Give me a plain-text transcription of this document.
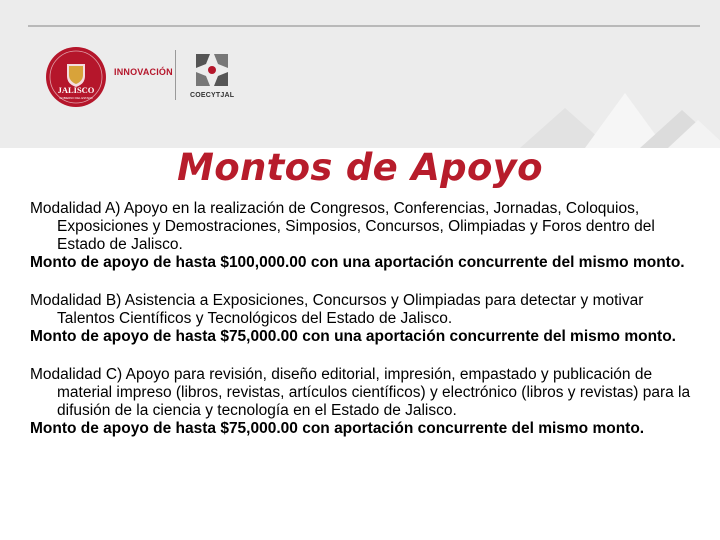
JALISCO
GOBIERNO DEL ESTADO
INNOVACIÓN
COECYTJAL
Montos de Apoyo

Modalidad A) Apoyo en la realización de Congresos, Conferencias, Jornadas, Coloquios, Exposiciones y Demostraciones, Simposios, Concursos, Olimpiadas y Foros dentro del Estado de Jalisco.

Monto de apoyo de hasta $100,000.00 con una aportación concurrente del mismo monto.

Modalidad B) Asistencia a Exposiciones, Concursos y Olimpiadas para detectar y motivar Talentos Científicos y Tecnológicos del Estado de Jalisco.

Monto de apoyo de hasta $75,000.00 con una aportación concurrente del mismo monto.

Modalidad C) Apoyo para revisión, diseño editorial, impresión, empastado y publicación de material impreso (libros, revistas, artículos científicos) y electrónico (libros y revistas) para la difusión de la ciencia y tecnología en el Estado de Jalisco.

Monto de apoyo de hasta $75,000.00 con aportación concurrente del mismo monto.
